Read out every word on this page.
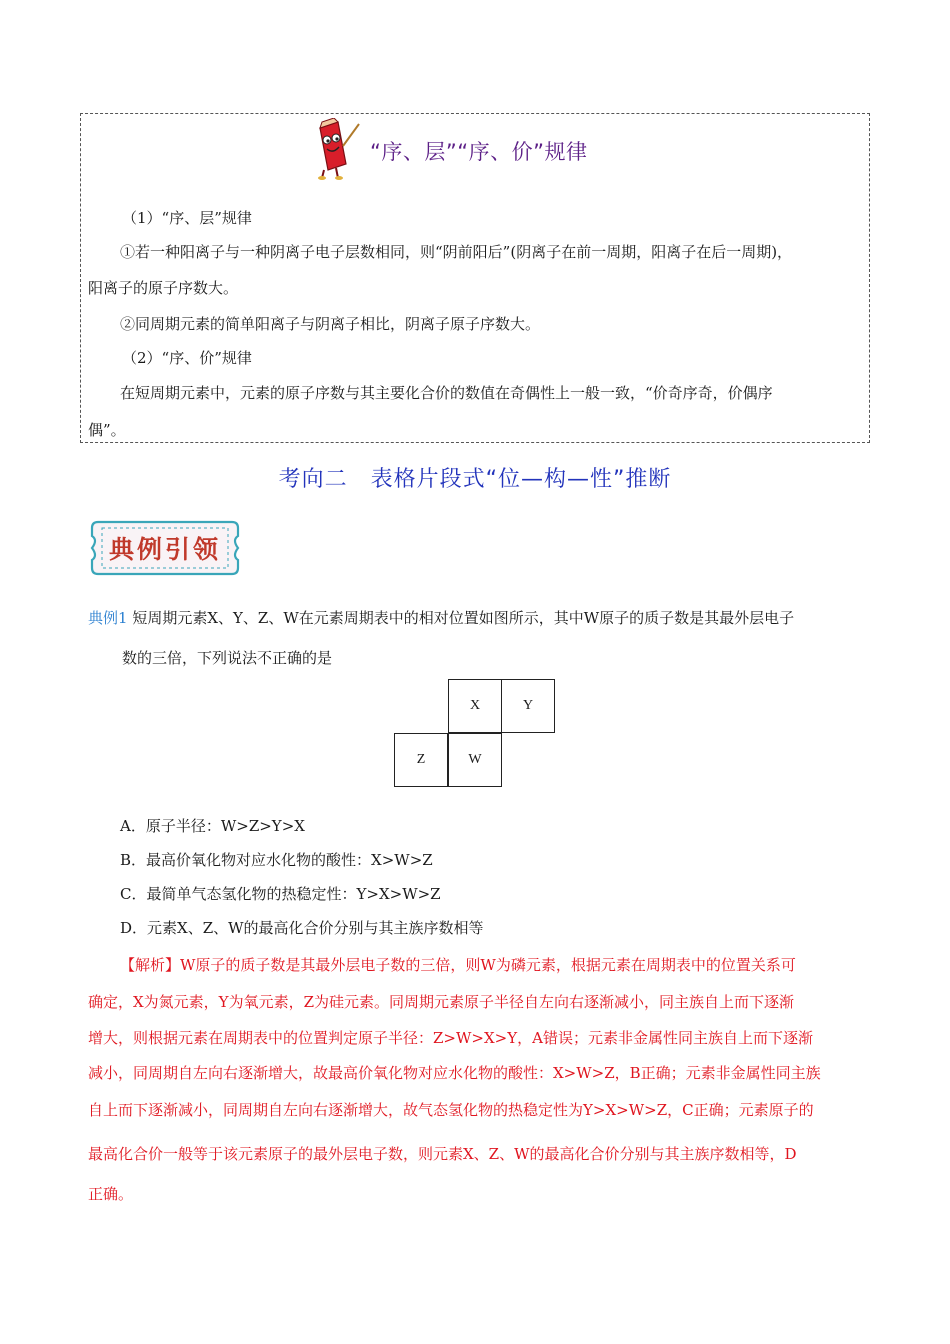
“序、层”“序、价”规律
（1）“序、层”规律
①若一种阳离子与一种阴离子电子层数相同，则“阴前阳后”(阴离子在前一周期，阳离子在后一周期)，
阳离子的原子序数大。
②同周期元素的简单阳离子与阴离子相比，阴离子原子序数大。
（2）“序、价”规律
在短周期元素中，元素的原子序数与其主要化合价的数值在奇偶性上一般一致，“价奇序奇，价偶序
偶”。
考向二　表格片段式“位—构—性”推断
典例引领
典例1 短周期元素X、Y、Z、W在元素周期表中的相对位置如图所示，其中W原子的质子数是其最外层电子
数的三倍，下列说法不正确的是
X	Y
Z	W
A．原子半径：W>Z>Y>X
B．最高价氧化物对应水化物的酸性：X>W>Z
C．最简单气态氢化物的热稳定性：Y>X>W>Z
D．元素X、Z、W的最高化合价分别与其主族序数相等
【解析】W原子的质子数是其最外层电子数的三倍，则W为磷元素，根据元素在周期表中的位置关系可
确定，X为氮元素，Y为氧元素，Z为硅元素。同周期元素原子半径自左向右逐渐减小，同主族自上而下逐渐
增大，则根据元素在周期表中的位置判定原子半径：Z>W>X>Y，A错误；元素非金属性同主族自上而下逐渐
减小，同周期自左向右逐渐增大，故最高价氧化物对应水化物的酸性：X>W>Z，B正确；元素非金属性同主族
自上而下逐渐减小，同周期自左向右逐渐增大，故气态氢化物的热稳定性为Y>X>W>Z，C正确；元素原子的
最高化合价一般等于该元素原子的最外层电子数，则元素X、Z、W的最高化合价分别与其主族序数相等，D
正确。
